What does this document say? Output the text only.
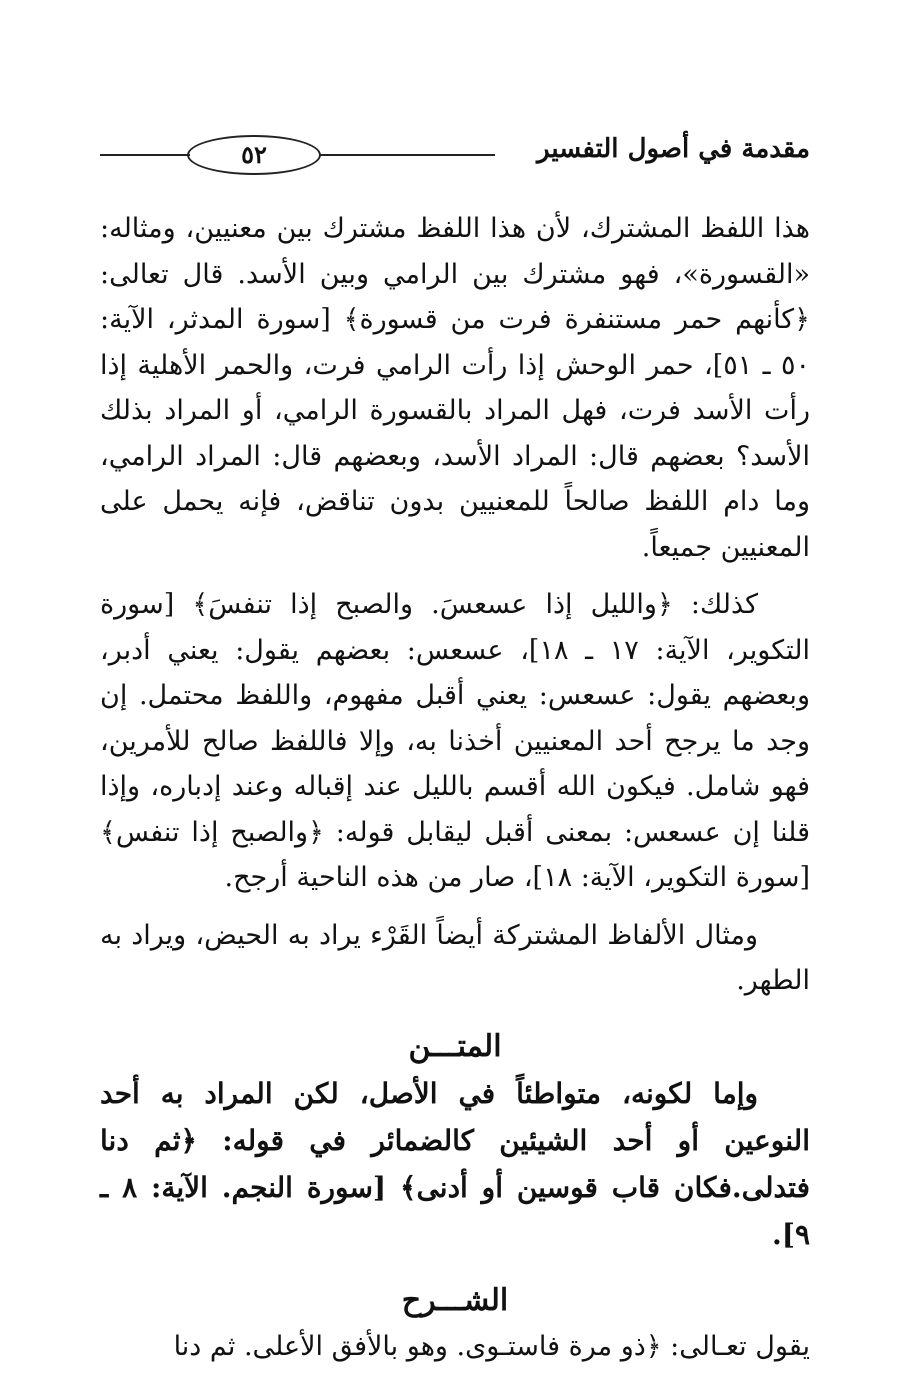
٥٢	مقدمة في أصول التفسير

هذا اللفظ المشترك، لأن هذا اللفظ مشترك بين معنيين، ومثاله: «القسورة»، فهو مشترك بين الرامي وبين الأسد. قال تعالى: ﴿كأنهم حمر مستنفرة فرت من قسورة﴾ [سورة المدثر، الآية: ٥٠ ـ ٥١]، حمر الوحش إذا رأت الرامي فرت، والحمر الأهلية إذا رأت الأسد فرت، فهل المراد بالقسورة الرامي، أو المراد بذلك الأسد؟ بعضهم قال: المراد الأسد، وبعضهم قال: المراد الرامي، وما دام اللفظ صالحاً للمعنيين بدون تناقض، فإنه يحمل على المعنيين جميعاً.

كذلك: ﴿والليل إذا عسعسَ. والصبح إذا تنفسَ﴾ [سورة التكوير، الآية: ١٧ ـ ١٨]، عسعس: بعضهم يقول: يعني أدبر، وبعضهم يقول: عسعس: يعني أقبل مفهوم، واللفظ محتمل. إن وجد ما يرجح أحد المعنيين أخذنا به، وإلا فاللفظ صالح للأمرين، فهو شامل. فيكون الله أقسم بالليل عند إقباله وعند إدباره، وإذا قلنا إن عسعس: بمعنى أقبل ليقابل قوله: ﴿والصبح إذا تنفس﴾ [سورة التكوير، الآية: ١٨]، صار من هذه الناحية أرجح.

ومثال الألفاظ المشتركة أيضاً القَرْء يراد به الحيض، ويراد به الطهر.

المتـــن

وإما لكونه، متواطئاً في الأصل، لكن المراد به أحد النوعين أو أحد الشيئين كالضمائر في قوله: ﴿ثم دنا فتدلى.فكان قاب قوسين أو أدنى﴾ [سورة النجم. الآية: ٨ ـ ٩].

الشـــرح

يقول تعـالى: ﴿ذو مرة فاستـوى. وهو بالأفق الأعلى. ثم دنا
